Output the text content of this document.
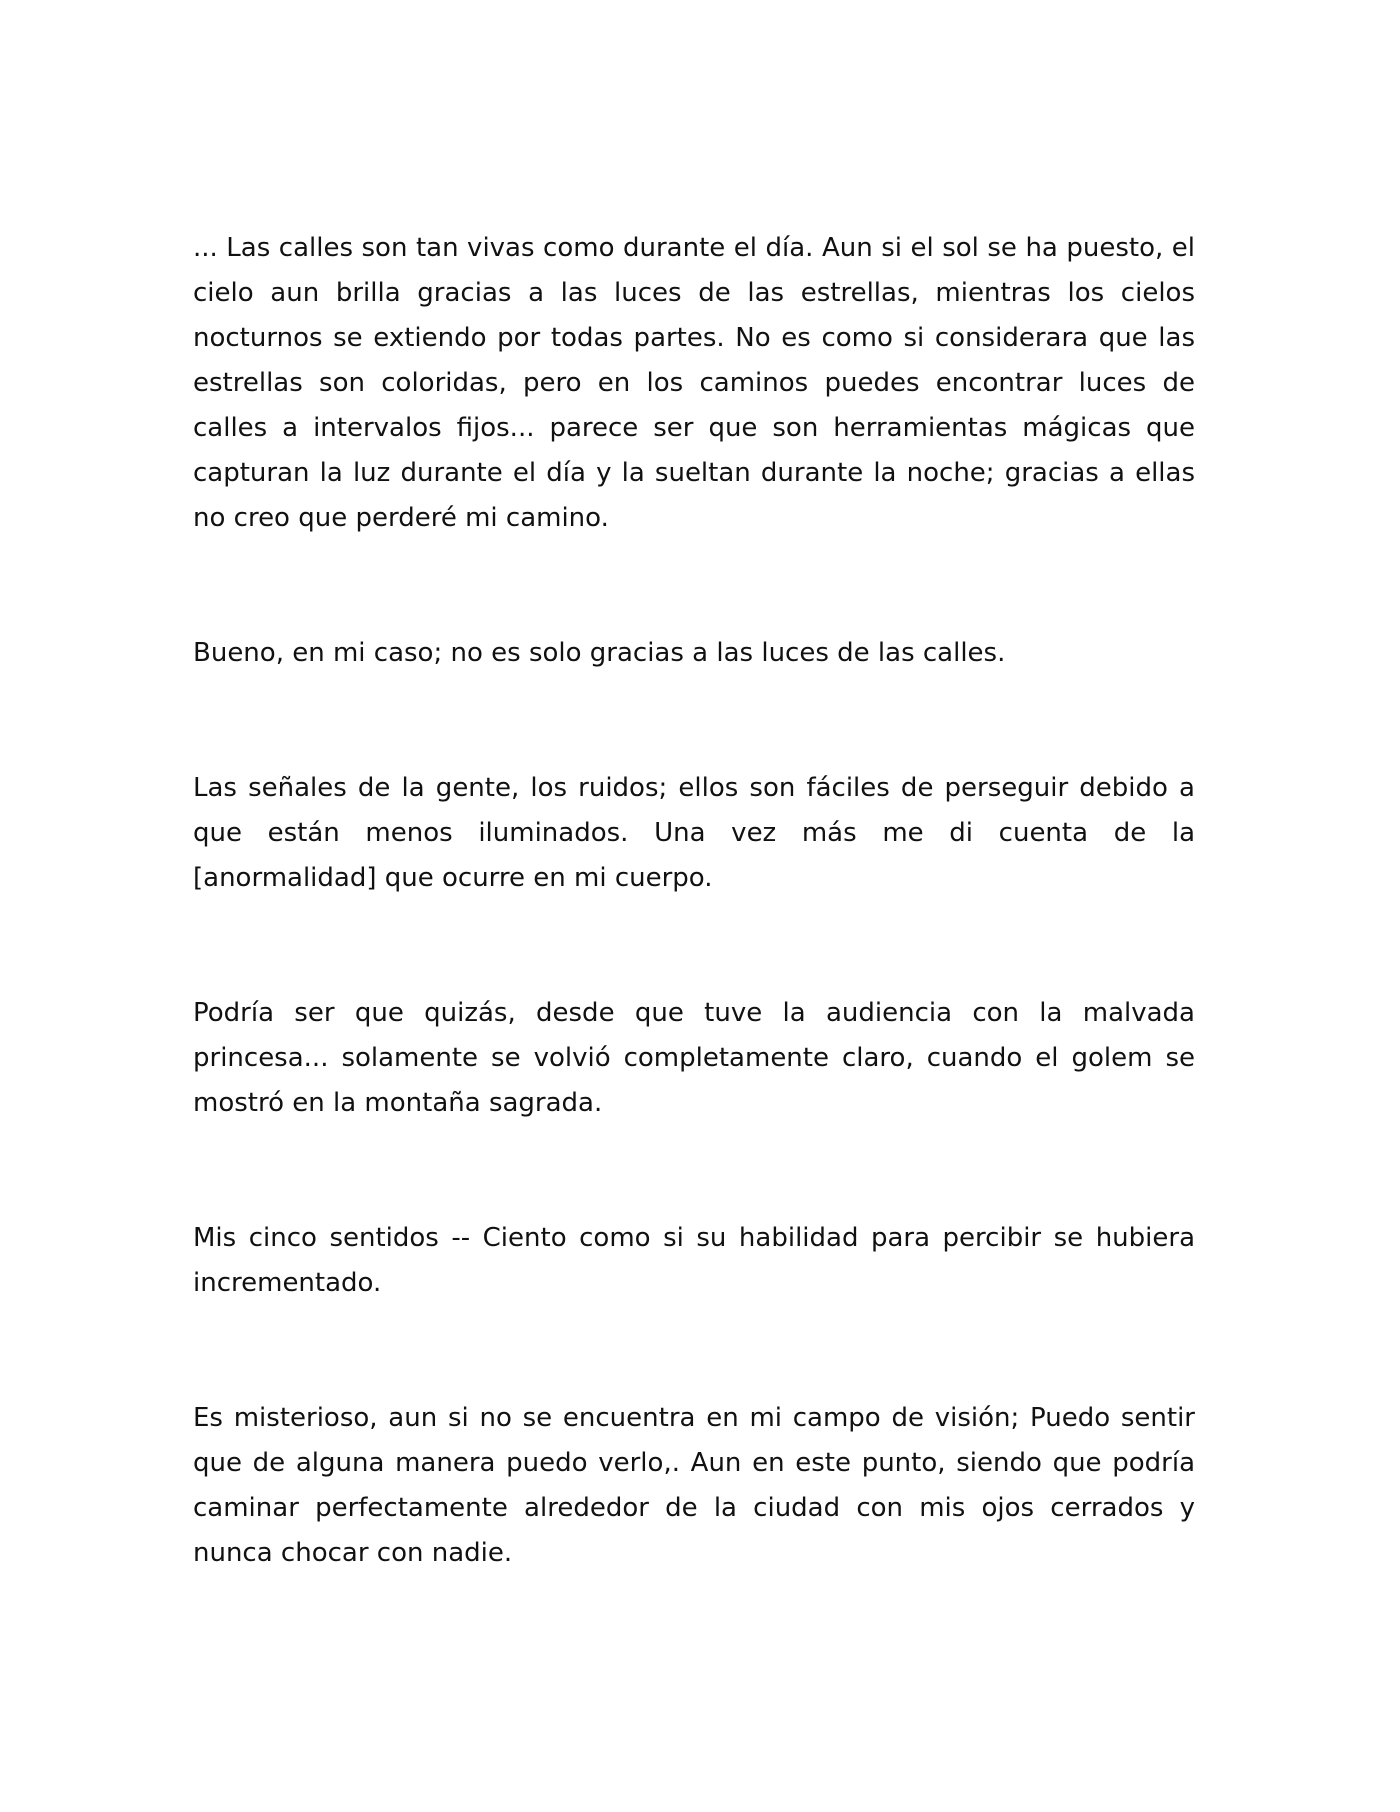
... Las calles son tan vivas como durante el día. Aun si el sol se ha puesto, el cielo aun brilla gracias a las luces de las estrellas, mientras los cielos nocturnos se extiendo por todas partes. No es como si considerara que las estrellas son coloridas, pero en los caminos puedes encontrar luces de calles a intervalos fijos... parece ser que son herramientas mágicas que capturan la luz durante el día y la sueltan durante la noche; gracias a ellas no creo que perderé mi camino.

Bueno, en mi caso; no es solo gracias a las luces de las calles.

Las señales de la gente, los ruidos; ellos son fáciles de perseguir debido a que están menos iluminados. Una vez más me di cuenta de la [anormalidad] que ocurre en mi cuerpo.

Podría ser que quizás, desde que tuve la audiencia con la malvada princesa... solamente se volvió completamente claro, cuando el golem se mostró en la montaña sagrada.

Mis cinco sentidos -- Ciento como si su habilidad para percibir se hubiera incrementado.

Es misterioso, aun si no se encuentra en mi campo de visión; Puedo sentir que de alguna manera puedo verlo,. Aun en este punto, siendo que podría caminar perfectamente alrededor de la ciudad con mis ojos cerrados y nunca chocar con nadie.
